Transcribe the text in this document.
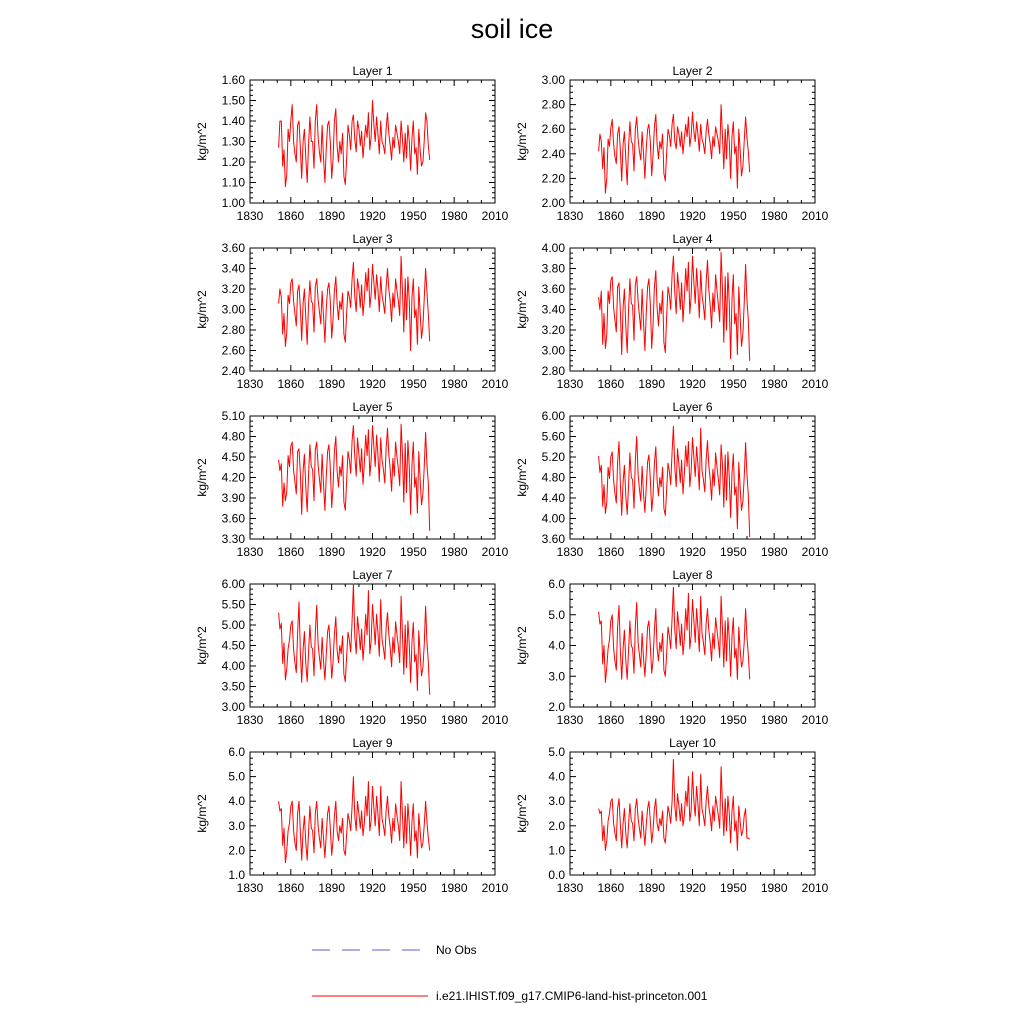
soil ice
Layer 1
kg/m^2
1830 1860 1890 1920 1950 1980 2010
1.00
1.10
1.20
1.30
1.40
1.50
1.60
Layer 2
kg/m^2
1830 1860 1890 1920 1950 1980 2010
2.00
2.20
2.40
2.60
2.80
3.00
Layer 3
kg/m^2
1830 1860 1890 1920 1950 1980 2010
2.40
2.60
2.80
3.00
3.20
3.40
3.60
Layer 4
kg/m^2
1830 1860 1890 1920 1950 1980 2010
2.80
3.00
3.20
3.40
3.60
3.80
4.00
Layer 5
kg/m^2
1830 1860 1890 1920 1950 1980 2010
3.30
3.60
3.90
4.20
4.50
4.80
5.10
Layer 6
kg/m^2
1830 1860 1890 1920 1950 1980 2010
3.60
4.00
4.40
4.80
5.20
5.60
6.00
Layer 7
kg/m^2
1830 1860 1890 1920 1950 1980 2010
3.00
3.50
4.00
4.50
5.00
5.50
6.00
Layer 8
kg/m^2
1830 1860 1890 1920 1950 1980 2010
2.0
3.0
4.0
5.0
6.0
Layer 9
kg/m^2
1830 1860 1890 1920 1950 1980 2010
1.0
2.0
3.0
4.0
5.0
6.0
Layer 10
kg/m^2
1830 1860 1890 1920 1950 1980 2010
0.0
1.0
2.0
3.0
4.0
5.0
No Obs
i.e21.IHIST.f09_g17.CMIP6-land-hist-princeton.001
